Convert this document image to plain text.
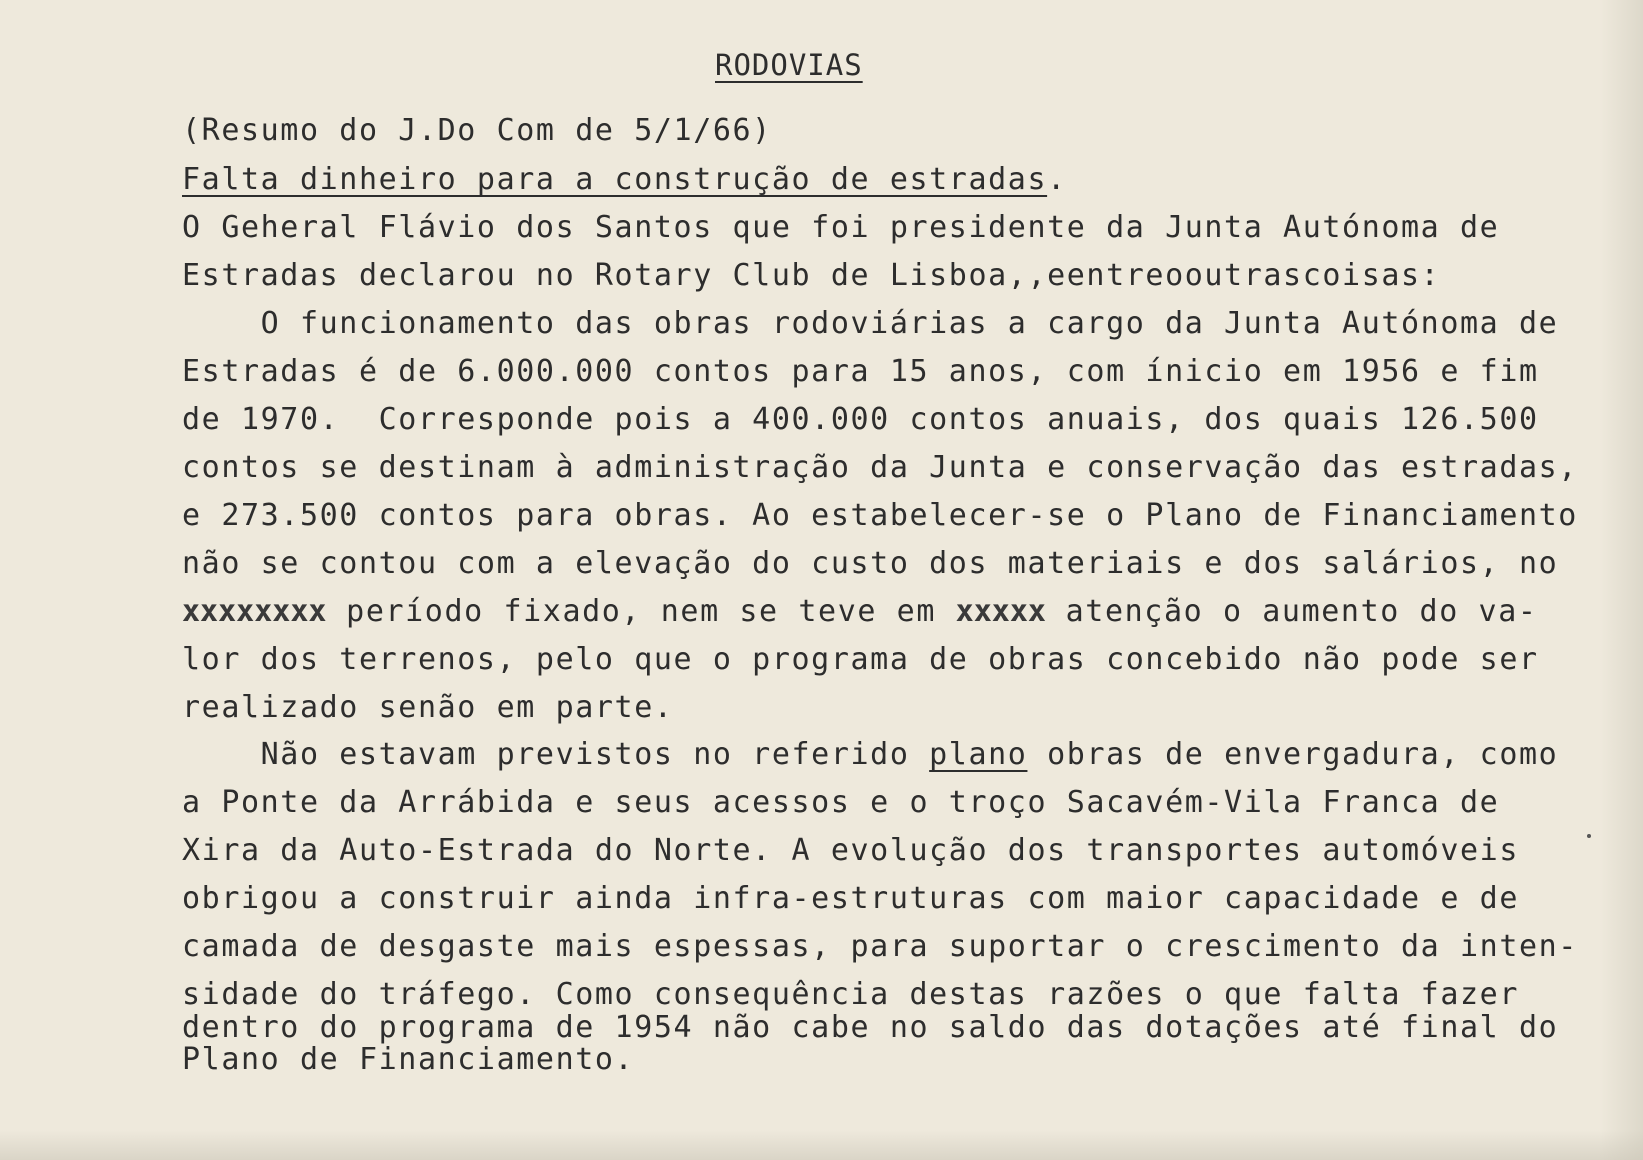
RODOVIAS
(Resumo do J.Do Com de 5/1/66)
Falta dinheiro para a construção de estradas.
O Geheral Flávio dos Santos que foi presidente da Junta Autónoma de
Estradas declarou no Rotary Club de Lisboa,,eentreooutrascoisas:
O funcionamento das obras rodoviárias a cargo da Junta Autónoma de
Estradas é de 6.000.000 contos para 15 anos, com ínicio em 1956 e fim
de 1970.  Corresponde pois a 400.000 contos anuais, dos quais 126.500
contos se destinam à administração da Junta e conservação das estradas,
e 273.500 contos para obras. Ao estabelecer-se o Plano de Financiamento
não se contou com a elevação do custo dos materiais e dos salários, no
xxxxxxxx período fixado, nem se teve em xxxxx atenção o aumento do va-
lor dos terrenos, pelo que o programa de obras concebido não pode ser
realizado senão em parte.
Não estavam previstos no referido plano obras de envergadura, como
a Ponte da Arrábida e seus acessos e o troço Sacavém-Vila Franca de
Xira da Auto-Estrada do Norte. A evolução dos transportes automóveis
obrigou a construir ainda infra-estruturas com maior capacidade e de
camada de desgaste mais espessas, para suportar o crescimento da inten-
sidade do tráfego. Como consequência destas razões o que falta fazer
dentro do programa de 1954 não cabe no saldo das dotações até final do
Plano de Financiamento.
